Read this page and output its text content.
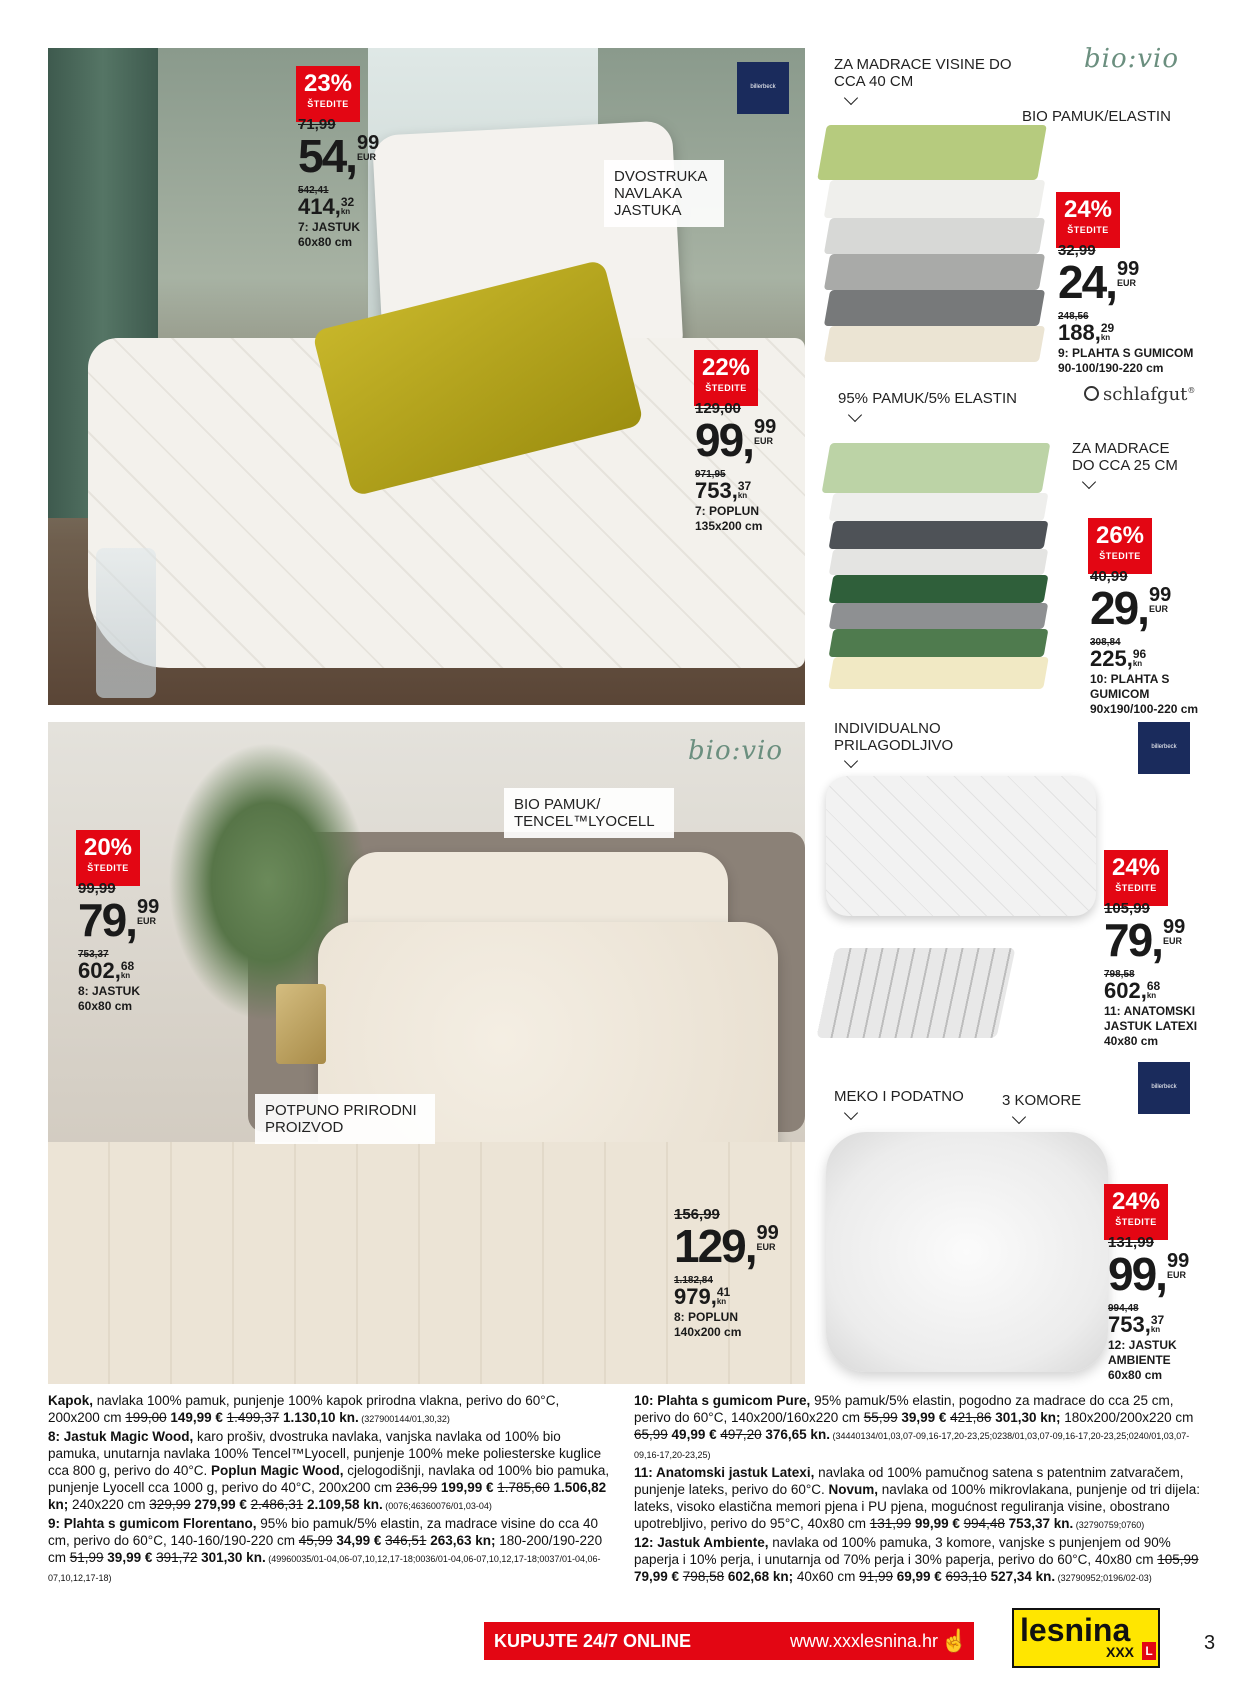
billerbeck
23%
ŠTEDITE
71,99
54, 99
EUR
542,41
414, 32
kn
7: JASTUK
60x80 cm
DVOSTRUKA NAVLAKA JASTUKA
22%
ŠTEDITE
129,00
99, 99
EUR
971,95
753, 37
kn
7: POPLUN
135x200 cm
ZA MADRACE VISINE DO CCA 40 CM
bio:vio
BIO PAMUK/ELASTIN
24%
ŠTEDITE
32,99
24, 99
EUR
248,56
188, 29
kn
9: PLAHTA S GUMICOM
90-100/190-220 cm
95% PAMUK/5% ELASTIN	schlafgut®
ZA MADRACE DO CCA 25 CM
26%
ŠTEDITE
40,99
29, 99
EUR
308,84
225, 96
kn
10: PLAHTA S
GUMICOM
90x190/100-220 cm
bio:vio
BIO PAMUK/ TENCEL™LYOCELL
POTPUNO PRIRODNI PROIZVOD
20%
ŠTEDITE
99,99
79, 99
EUR
753,37
602, 68
kn
8: JASTUK
60x80 cm
156,99
129, 99
EUR
1.182,84
979, 41
kn
8: POPLUN
140x200 cm
INDIVIDUALNO PRILAGODLJIVO	billerbeck
24%
ŠTEDITE
105,99
79, 99
EUR
798,58
602, 68
kn
11: ANATOMSKI
JASTUK LATEXI
40x80 cm
MEKO I PODATNO	3 KOMORE
billerbeck
24%
ŠTEDITE
131,99
99, 99
EUR
994,48
753, 37
kn
12: JASTUK
AMBIENTE
60x80 cm

Kapok, navlaka 100% pamuk, punjenje 100% kapok prirodna vlakna, perivo do 60°C, 200x200 cm 199,00 149,99 € 1.499,37 1.130,10 kn. (327900144/01,30,32)

8: Jastuk Magic Wood, karo prošiv, dvostruka navlaka, vanjska navlaka od 100% bio pamuka, unutarnja navlaka 100% Tencel™Lyocell, punjenje 100% meke poliesterske kuglice cca 800 g, perivo do 40°C. Poplun Magic Wood, cjelogodišnji, navlaka od 100% bio pamuka, punjenje Lyocell cca 1000 g, perivo do 40°C, 200x200 cm 236,99 199,99 € 1.785,60 1.506,82 kn; 240x220 cm 329,99 279,99 € 2.486,31 2.109,58 kn. (0076;46360076/01,03-04)

9: Plahta s gumicom Florentano, 95% bio pamuk/5% elastin, za madrace visine do cca 40 cm, perivo do 60°C, 140-160/190-220 cm 45,99 34,99 € 346,51 263,63 kn; 180-200/190-220 cm 51,99 39,99 € 391,72 301,30 kn. (49960035/01-04,06-07,10,12,17-18;0036/01-04,06-07,10,12,17-18;0037/01-04,06-07,10,12,17-18)

10: Plahta s gumicom Pure, 95% pamuk/5% elastin, pogodno za madrace do cca 25 cm, perivo do 60°C, 140x200/160x220 cm 55,99 39,99 € 421,86 301,30 kn; 180x200/200x220 cm 65,99 49,99 € 497,20 376,65 kn. (34440134/01,03,07-09,16-17,20-23,25;0238/01,03,07-09,16-17,20-23,25;0240/01,03,07-09,16-17,20-23,25)

11: Anatomski jastuk Latexi, navlaka od 100% pamučnog satena s patentnim zatvaračem, punjenje lateks, perivo do 60°C. Novum, navlaka od 100% mikrovlakana, punjenje od tri dijela: lateks, visoko elastična memori pjena i PU pjena, mogućnost reguliranja visine, obostrano upotrebljivo, perivo do 95°C, 40x80 cm 131,99 99,99 € 994,48 753,37 kn. (32790759;0760)

12: Jastuk Ambiente, navlaka od 100% pamuka, 3 komore, vanjske s punjenjem od 90% paperja i 10% perja, i unutarnja od 70% perja i 30% paperja, perivo do 60°C, 40x80 cm 105,99 79,99 € 798,58 602,68 kn; 40x60 cm 91,99 69,99 € 693,10 527,34 kn. (32790952;0196/02-03)

KUPUJTE 24/7 ONLINE	www.xxxlesnina.hr ☝ lesnina
XXX L	3
